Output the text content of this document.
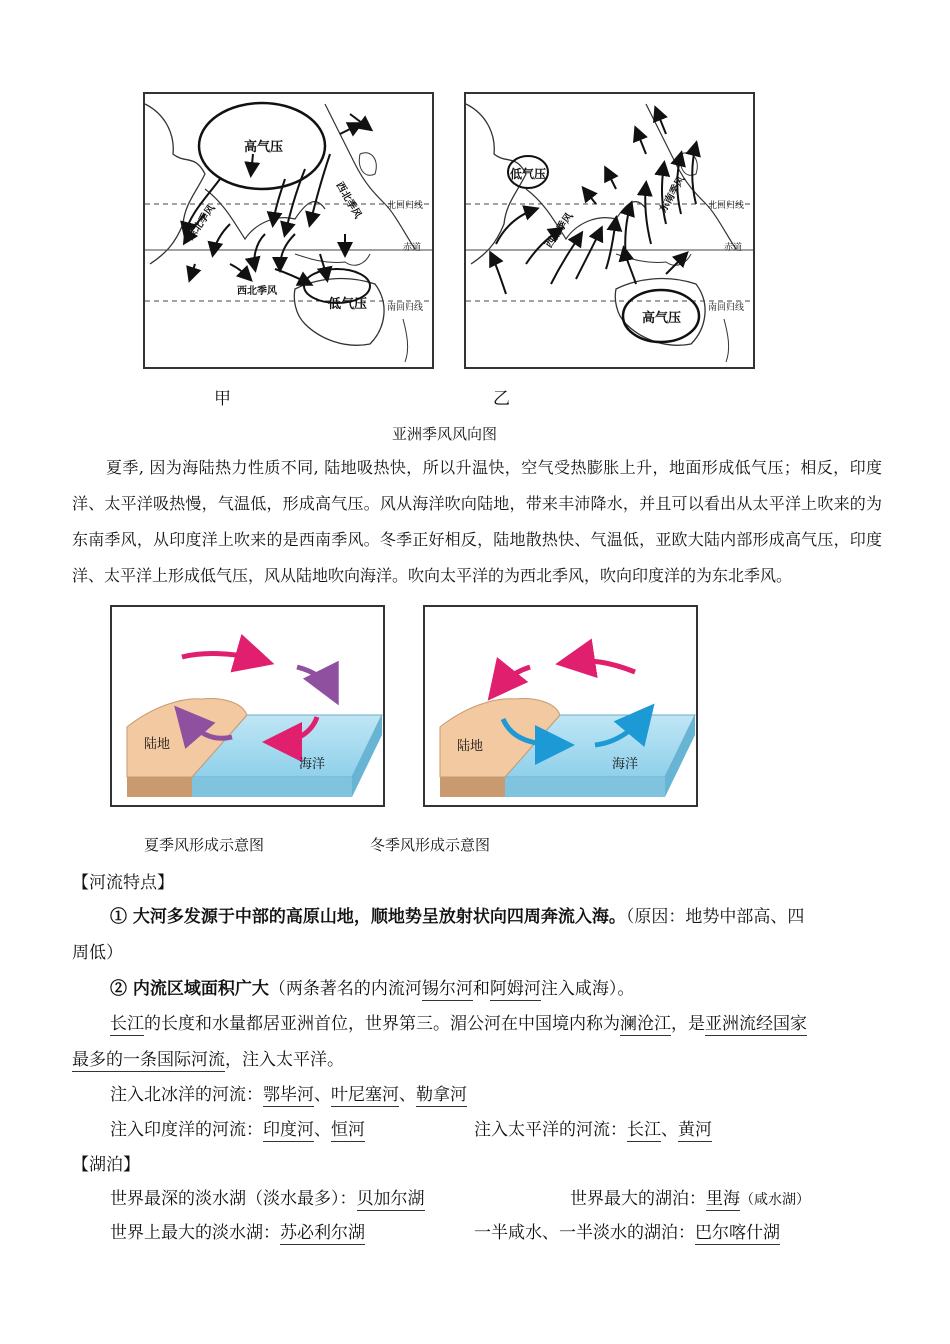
高气压
低气压
东北季风
西北季风
西北季风
北回归线
赤道
南回归线
低气压
高气压
西南季风
东南季风 北回归线
赤道
南回归线
甲	乙
亚洲季风风向图
夏季, 因为海陆热力性质不同, 陆地吸热快，所以升温快，空气受热膨胀上升，地面形成低气压；相反，印度洋、太平洋吸热慢，气温低，形成高气压。风从海洋吹向陆地，带来丰沛降水，并且可以看出从太平洋上吹来的为东南季风，从印度洋上吹来的是西南季风。冬季正好相反，陆地散热快、气温低，亚欧大陆内部形成高气压，印度洋、太平洋上形成低气压，风从陆地吹向海洋。吹向太平洋的为西北季风，吹向印度洋的为东北季风。
陆地
海洋
陆地
海洋
夏季风形成示意图	冬季风形成示意图
【河流特点】
① 大河多发源于中部的高原山地，顺地势呈放射状向四周奔流入海。（原因：地势中部高、四
周低）
② 内流区域面积广大（两条著名的内流河锡尔河和阿姆河注入咸海）。
长江的长度和水量都居亚洲首位，世界第三。湄公河在中国境内称为澜沧江，是亚洲流经国家
最多的一条国际河流，注入太平洋。
注入北冰洋的河流：鄂毕河、叶尼塞河、勒拿河
注入印度洋的河流：印度河、恒河	注入太平洋的河流：长江、黄河
【湖泊】
世界最深的淡水湖（淡水最多）：贝加尔湖	世界最大的湖泊：里海（咸水湖）
世界上最大的淡水湖：苏必利尔湖	一半咸水、一半淡水的湖泊：巴尔喀什湖
